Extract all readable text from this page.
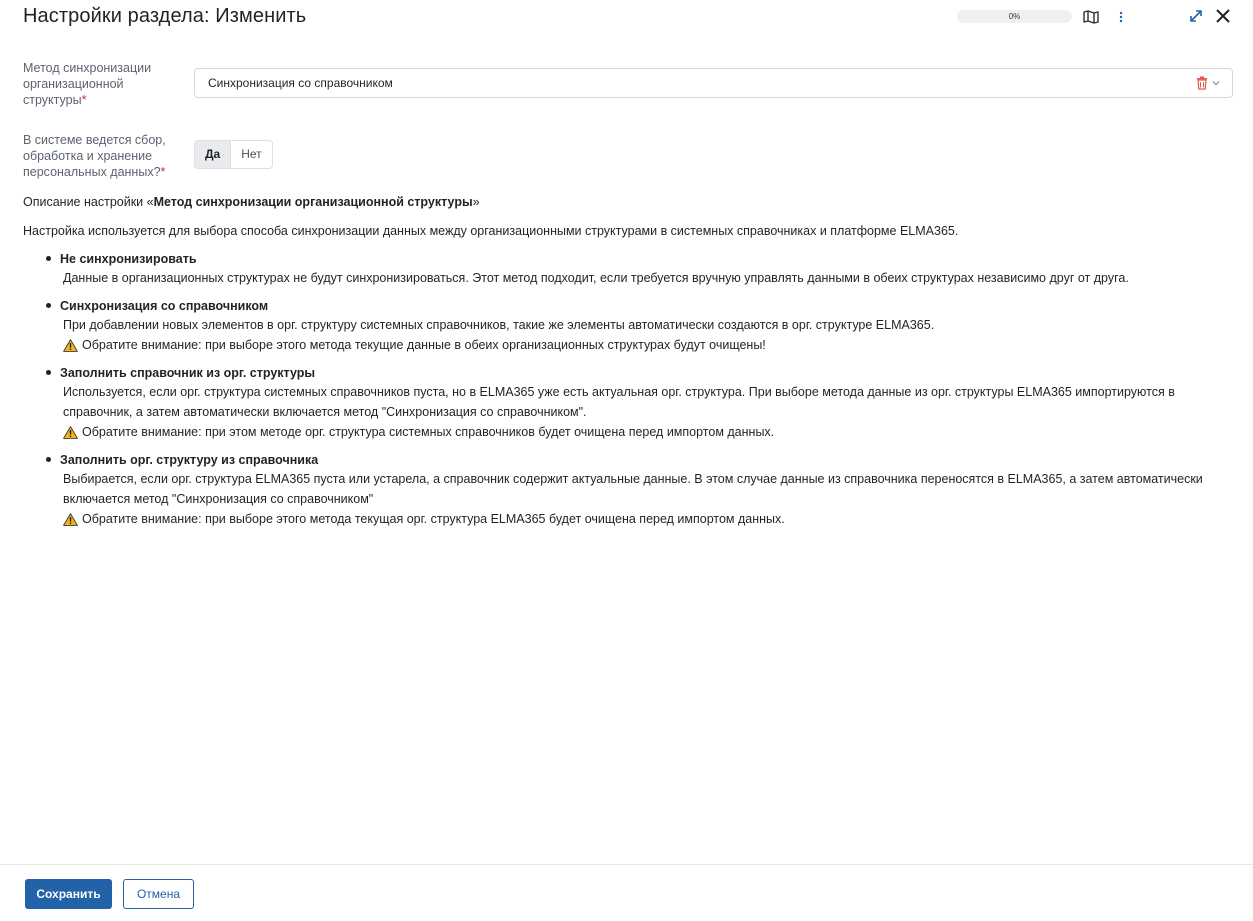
Настройки раздела: Изменить	0%
Метод синхронизации организационной структуры*
Синхронизация со справочником
В системе ведется сбор, обработка и хранение персональных данных?*
Да	Нет
Описание настройки «Метод синхронизации организационной структуры»
Настройка используется для выбора способа синхронизации данных между организационными структурами в системных справочниках и платформе ELMA365.
Не синхронизировать
Данные в организационных структурах не будут синхронизироваться. Этот метод подходит, если требуется вручную управлять данными в обеих структурах независимо друг от друга.
Синхронизация со справочником
При добавлении новых элементов в орг. структуру системных справочников, такие же элементы автоматически создаются в орг. структуре ELMA365.
Обратите внимание: при выборе этого метода текущие данные в обеих организационных структурах будут очищены!
Заполнить справочник из орг. структуры
Используется, если орг. структура системных справочников пуста, но в ELMA365 уже есть актуальная орг. структура. При выборе метода данные из орг. структуры ELMA365 импортируются в справочник, а затем автоматически включается метод "Синхронизация со справочником".
Обратите внимание: при этом методе орг. структура системных справочников будет очищена перед импортом данных.
Заполнить орг. структуру из справочника
Выбирается, если орг. структура ELMA365 пуста или устарела, а справочник содержит актуальные данные. В этом случае данные из справочника переносятся в ELMA365, а затем автоматически включается метод "Синхронизация со справочником"
Обратите внимание: при выборе этого метода текущая орг. структура ELMA365 будет очищена перед импортом данных.
Сохранить	Отмена
